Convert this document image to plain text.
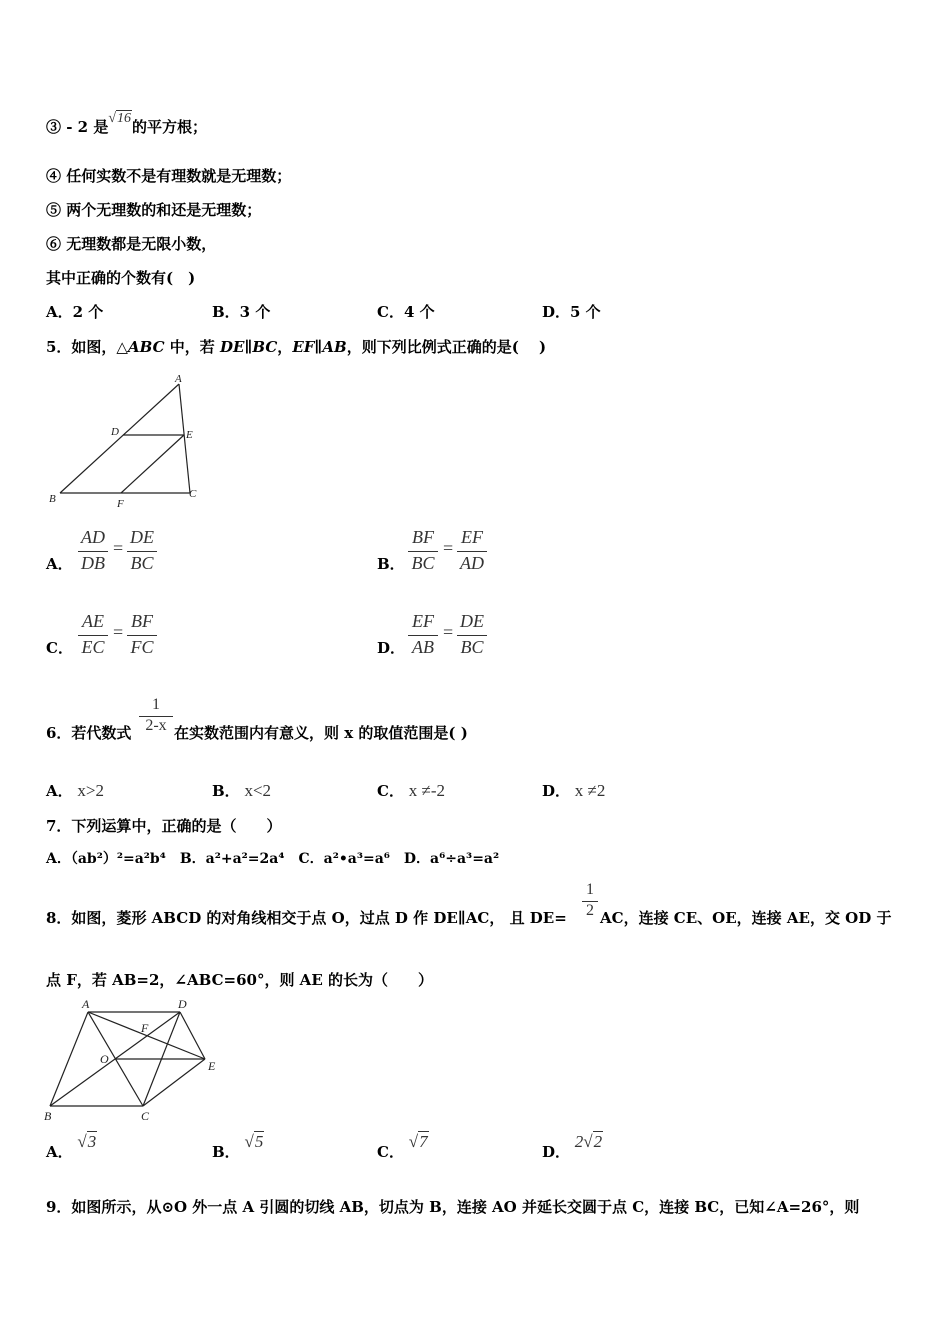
③ - 2 是√16的平方根；
④ 任何实数不是有理数就是无理数；
⑤ 两个无理数的和还是无理数；
⑥ 无理数都是无限小数，
其中正确的个数有(　)
A．2 个	B．3 个	C．4 个	D．5 个
5．如图，△ABC 中，若 DE∥BC，EF∥AB，则下列比例式正确的是(　 )
A
D	E
B	F
C
A．
AD
DB
=
DE
BC	B．
BF
BC
=
EF
AD
C．
AE
EC
=
BF
FC	D．
EF
AB
=
DE
BC
6．若代数式 $\frac{1}{2-x}$ 在实数范围内有意义，则 x 的取值范围是( )
A． x>2	B． x<2	C． x ≠-2	D． x ≠2
7．下列运算中，正确的是（　　）
A．（ab²）²=a²b⁴　B．a²+a²=2a⁴　C．a²•a³=a⁶　D．a⁶÷a³=a²
8．如图，菱形 ABCD 的对角线相交于点 O，过点 D 作 DE∥AC， 且 $DE= \frac{1}{2}$ AC，连接 CE、OE，连接 AE，交 OD 于
点 F，若 AB=2，∠ABC=60°，则 AE 的长为（　　）
A	D
F
O	E
B	C
A． √3
B． √5
C． √7
D． 2√2
9．如图所示，从⊙O 外一点 A 引圆的切线 AB，切点为 B，连接 AO 并延长交圆于点 C，连接 BC，已知∠A=26°，则
